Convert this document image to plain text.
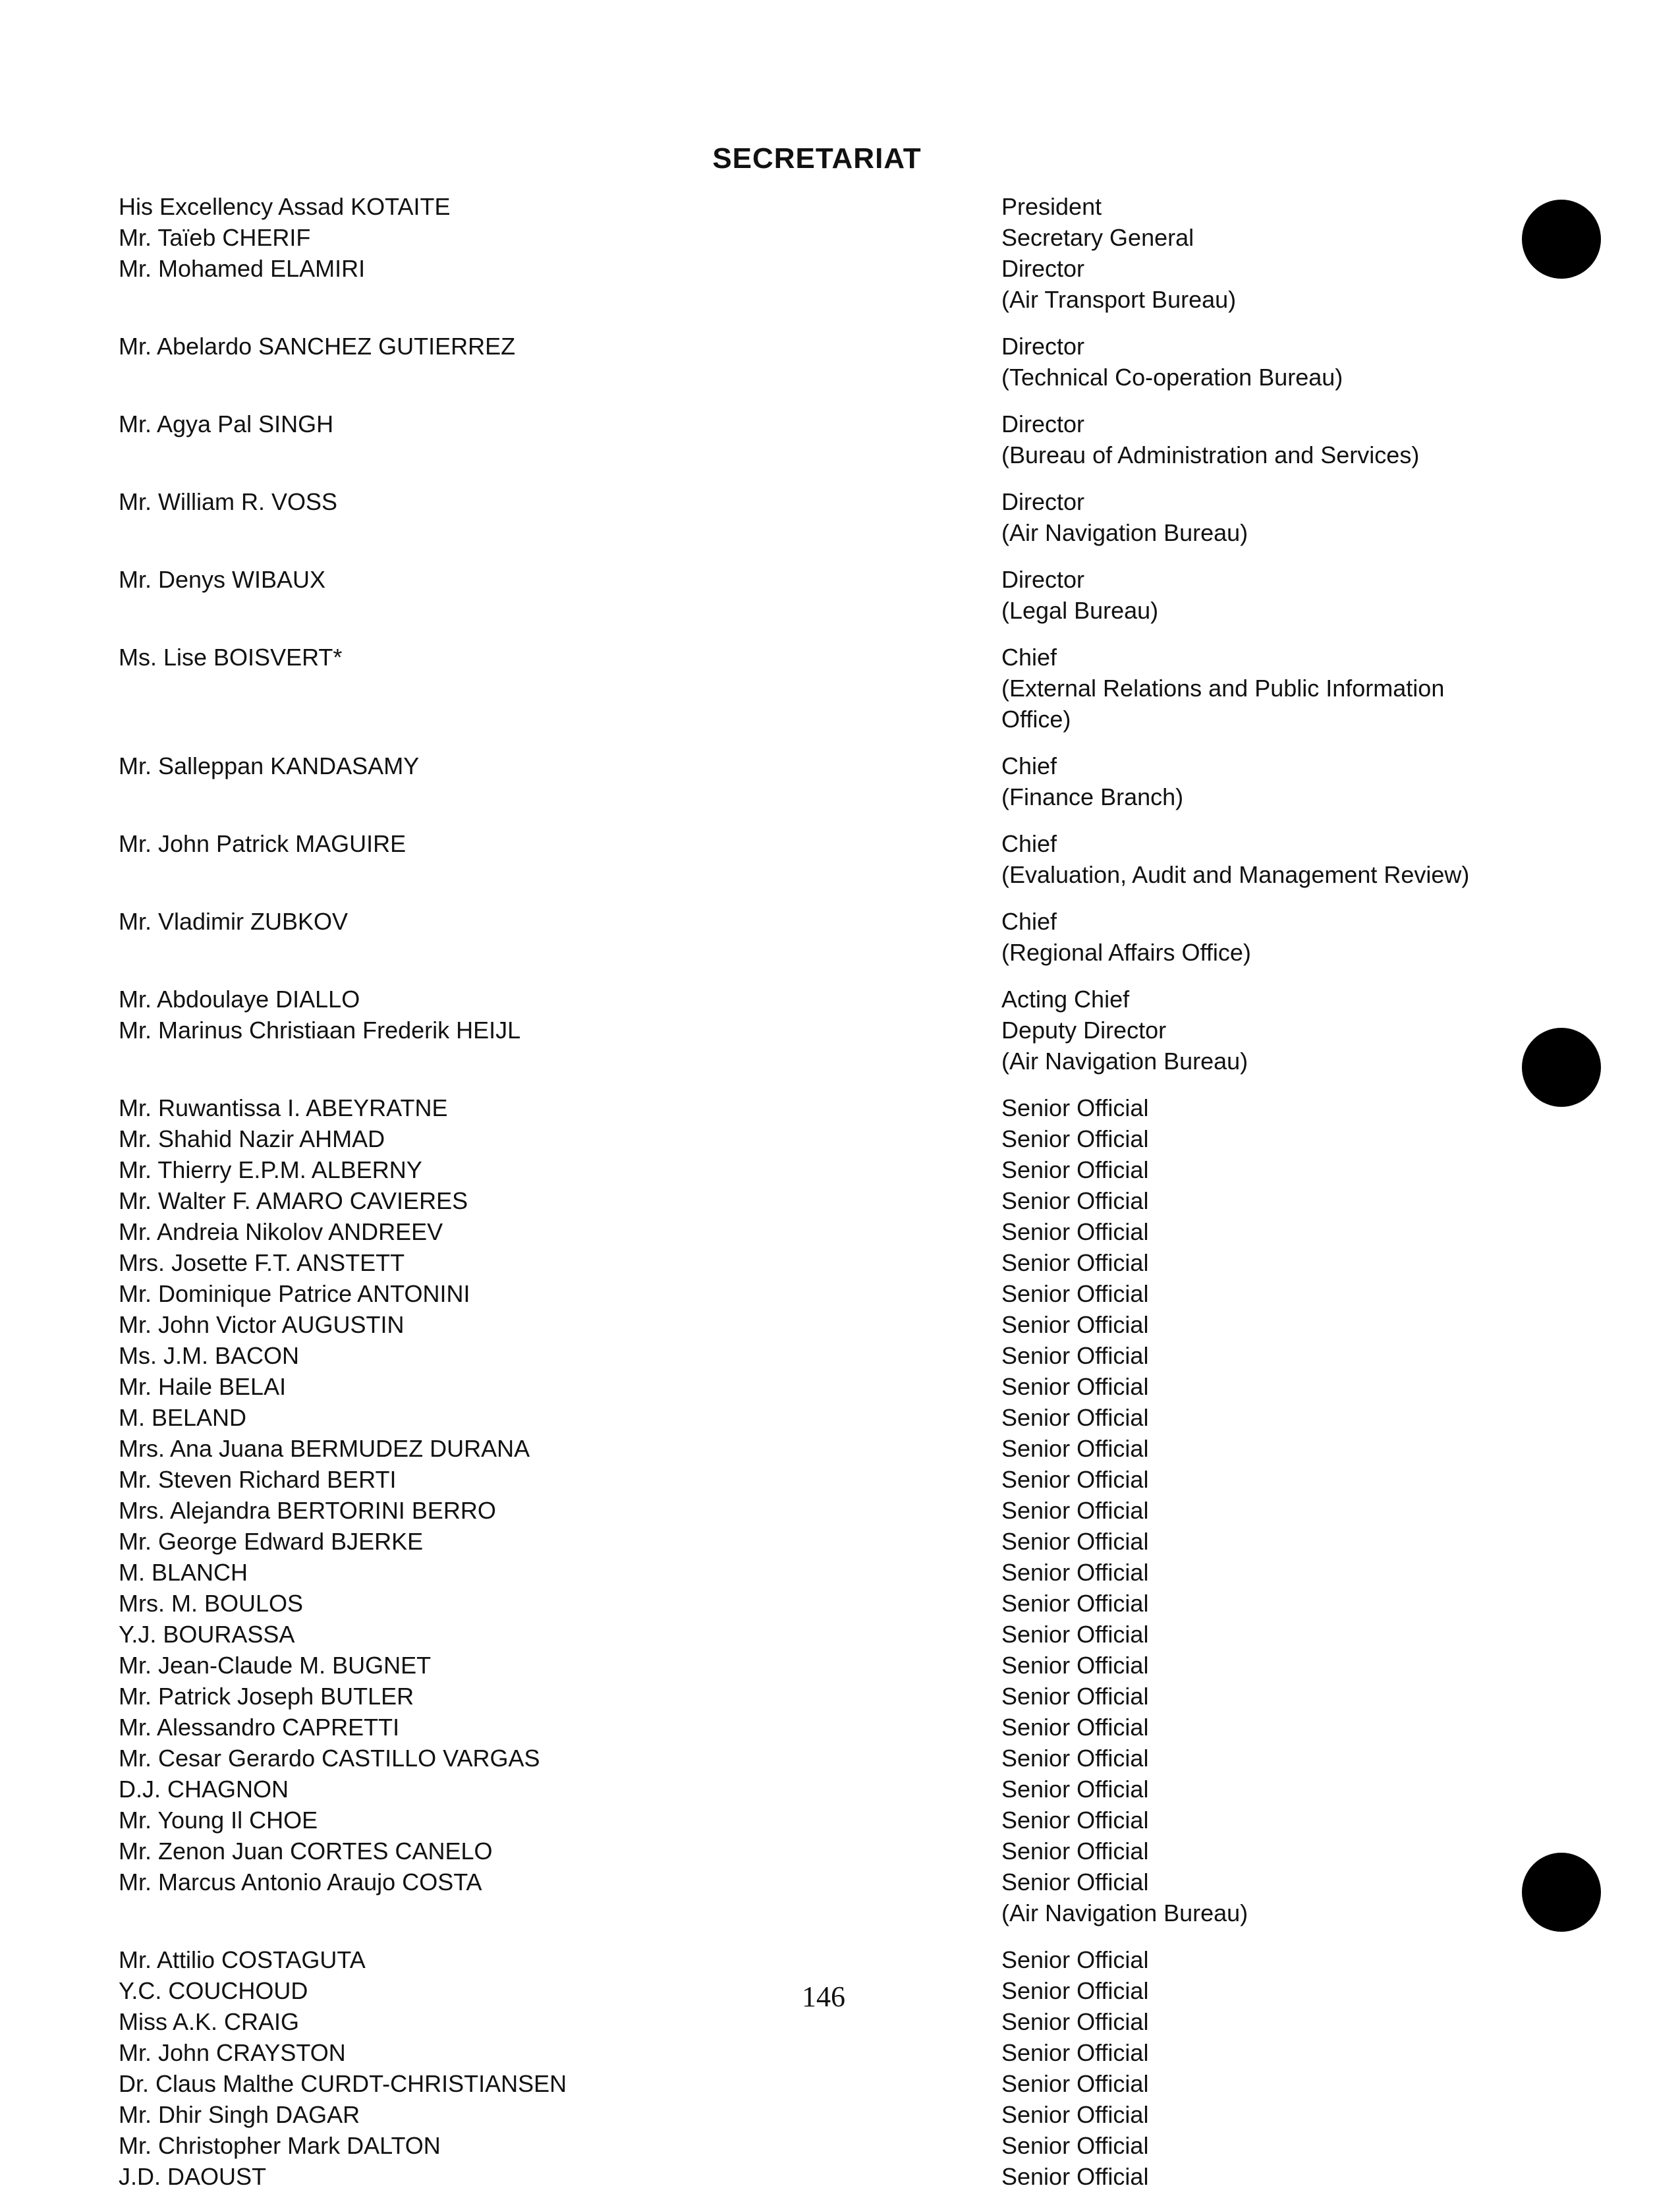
SECRETARIAT
His Excellency Assad KOTAITE	President
Mr. Taïeb CHERIF	Secretary General
Mr. Mohamed ELAMIRI	Director
(Air Transport Bureau)
Mr. Abelardo SANCHEZ GUTIERREZ	Director
(Technical Co-operation Bureau)
Mr. Agya Pal SINGH	Director
(Bureau of Administration and Services)
Mr. William R. VOSS	Director
(Air Navigation Bureau)
Mr. Denys WIBAUX	Director
(Legal Bureau)
Ms. Lise BOISVERT*	Chief
(External Relations and Public Information
Office)
Mr. Salleppan KANDASAMY	Chief
(Finance Branch)
Mr. John Patrick MAGUIRE	Chief
(Evaluation, Audit and Management Review)
Mr. Vladimir ZUBKOV	Chief
(Regional Affairs Office)
Mr. Abdoulaye DIALLO	Acting Chief
Mr. Marinus Christiaan Frederik HEIJL	Deputy Director
(Air Navigation Bureau)
Mr. Ruwantissa I. ABEYRATNE	Senior Official
Mr. Shahid Nazir AHMAD	Senior Official
Mr. Thierry E.P.M. ALBERNY	Senior Official
Mr. Walter F. AMARO CAVIERES	Senior Official
Mr. Andreia Nikolov ANDREEV	Senior Official
Mrs. Josette F.T. ANSTETT	Senior Official
Mr. Dominique Patrice ANTONINI	Senior Official
Mr. John Victor AUGUSTIN	Senior Official
Ms. J.M. BACON	Senior Official
Mr. Haile BELAI	Senior Official
M. BELAND	Senior Official
Mrs. Ana Juana BERMUDEZ DURANA	Senior Official
Mr. Steven Richard BERTI	Senior Official
Mrs. Alejandra BERTORINI BERRO	Senior Official
Mr. George Edward BJERKE	Senior Official
M. BLANCH	Senior Official
Mrs. M. BOULOS	Senior Official
Y.J. BOURASSA	Senior Official
Mr. Jean-Claude M. BUGNET	Senior Official
Mr. Patrick Joseph BUTLER	Senior Official
Mr. Alessandro CAPRETTI	Senior Official
Mr. Cesar Gerardo CASTILLO VARGAS	Senior Official
D.J. CHAGNON	Senior Official
Mr. Young Il CHOE	Senior Official
Mr. Zenon Juan CORTES CANELO	Senior Official
Mr. Marcus Antonio Araujo COSTA	Senior Official
(Air Navigation Bureau)
Mr. Attilio COSTAGUTA	Senior Official
Y.C. COUCHOUD	Senior Official
Miss A.K. CRAIG	Senior Official
Mr. John CRAYSTON	Senior Official
Dr. Claus Malthe CURDT-CHRISTIANSEN	Senior Official
Mr. Dhir Singh DAGAR	Senior Official
Mr. Christopher Mark DALTON	Senior Official
J.D. DAOUST	Senior Official
146
